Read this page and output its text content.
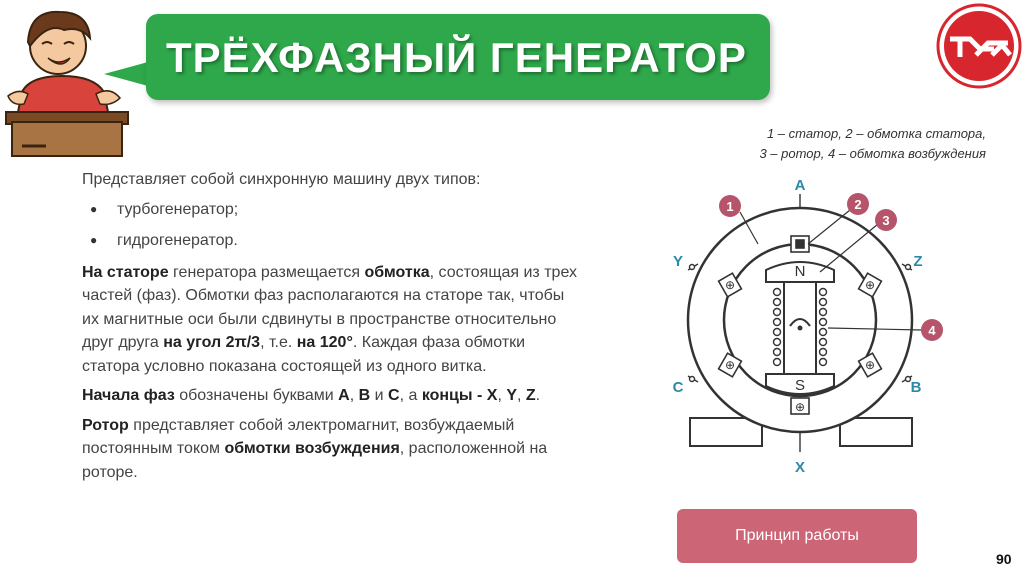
ТРЁХФАЗНЫЙ ГЕНЕРАТОР
1 – статор, 2 – обмотка статора,
3 – ротор, 4 – обмотка возбуждения

Представляет собой синхронную машину двух типов:

● турбогенератор;
● гидрогенератор.

На статоре генератора размещается обмотка, состоящая из трех частей (фаз). Обмотки фаз располагаются на статоре так, чтобы их магнитные оси были сдвинуты в пространстве относительно друг друга на угол 2π/3, т.е. на 120°. Каждая фаза обмотки статора условно показана состоящей из одного витка.

Начала фаз обозначены буквами А, В и С, а концы - X, Y, Z.

Ротор представляет собой электромагнит, возбуждаемый постоянным током обмотки возбуждения, расположенной на роторе.

⊕
⊕	⊕
⊕	⊕
N
S
A
X
Y	Z
C	B
1	2
3
4
Принцип работы
90
